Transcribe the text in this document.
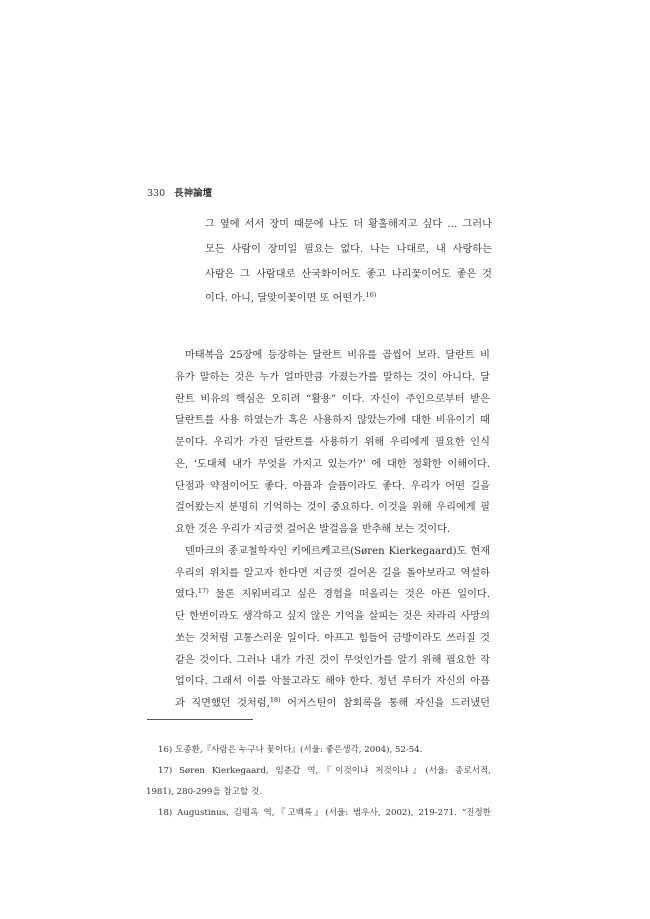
330 長神論壇
그 옆에 서서 장미 때문에 나도 더 황홀해지고 싶다 … 그러나
모든 사람이 장미일 필요는 없다. 나는 나대로, 내 사랑하는
사람은 그 사람대로 산국화이어도 좋고 나리꽃이어도 좋은 것
이다. 아니, 달맞이꽃이면 또 어떤가.$^{16)}$
마태복음 25장에 등장하는 달란트 비유를 곱씹어 보라. 달란트 비
유가 말하는 것은 누가 얼마만큼 가졌는가를 말하는 것이 아니다. 달
란트 비유의 핵심은 오히려 “활용” 이다. 자신이 주인으로부터 받은
달란트를 사용 하였는가 혹은 사용하지 않았는가에 대한 비유이기 때
문이다. 우리가 가진 달란트를 사용하기 위해 우리에게 필요한 인식
은, ‘도대체 내가 무엇을 가지고 있는가?’ 에 대한 정확한 이해이다.
단점과 약점이어도 좋다. 아픔과 슬픔이라도 좋다. 우리가 어떤 길을
걸어왔는지 분명히 기억하는 것이 중요하다. 이것을 위해 우리에게 필
요한 것은 우리가 지금껏 걸어온 발걸음을 반추해 보는 것이다.
덴마크의 종교철학자인 키에르케고르(Søren Kierkegaard)도 현재
우리의 위치를 알고자 한다면 지금껏 걸어온 길을 돌아보라고 역설하
였다.$^{17)}$ 물론 지워버리고 싶은 경험을 떠올리는 것은 아픈 일이다.
단 한번이라도 생각하고 싶지 않은 기억을 살피는 것은 차라리 사망의
쏘는 것처럼 고통스러운 일이다. 아프고 힘들어 금방이라도 쓰러질 것
같은 것이다. 그러나 내가 가진 것이 무엇인가를 알기 위해 필요한 작
업이다. 그래서 이를 악물고라도 해야 한다. 청년 루터가 자신의 아픔
과 직면했던 것처럼,$^{18)}$ 어거스틴이 참회록을 통해 자신을 드러냈던
16) 도종환,『사람은 누구나 꽃이다』(서울: 좋은생각, 2004), 52-54.
17) Søren Kierkegaard, 임춘갑 역,『이것이냐 저것이냐』(서울: 종로서적,
1981), 280-299을 참고할 것.
18) Augustinus, 김평옥 역,『고백록』(서울: 범우사, 2002), 219-271. “진정한
